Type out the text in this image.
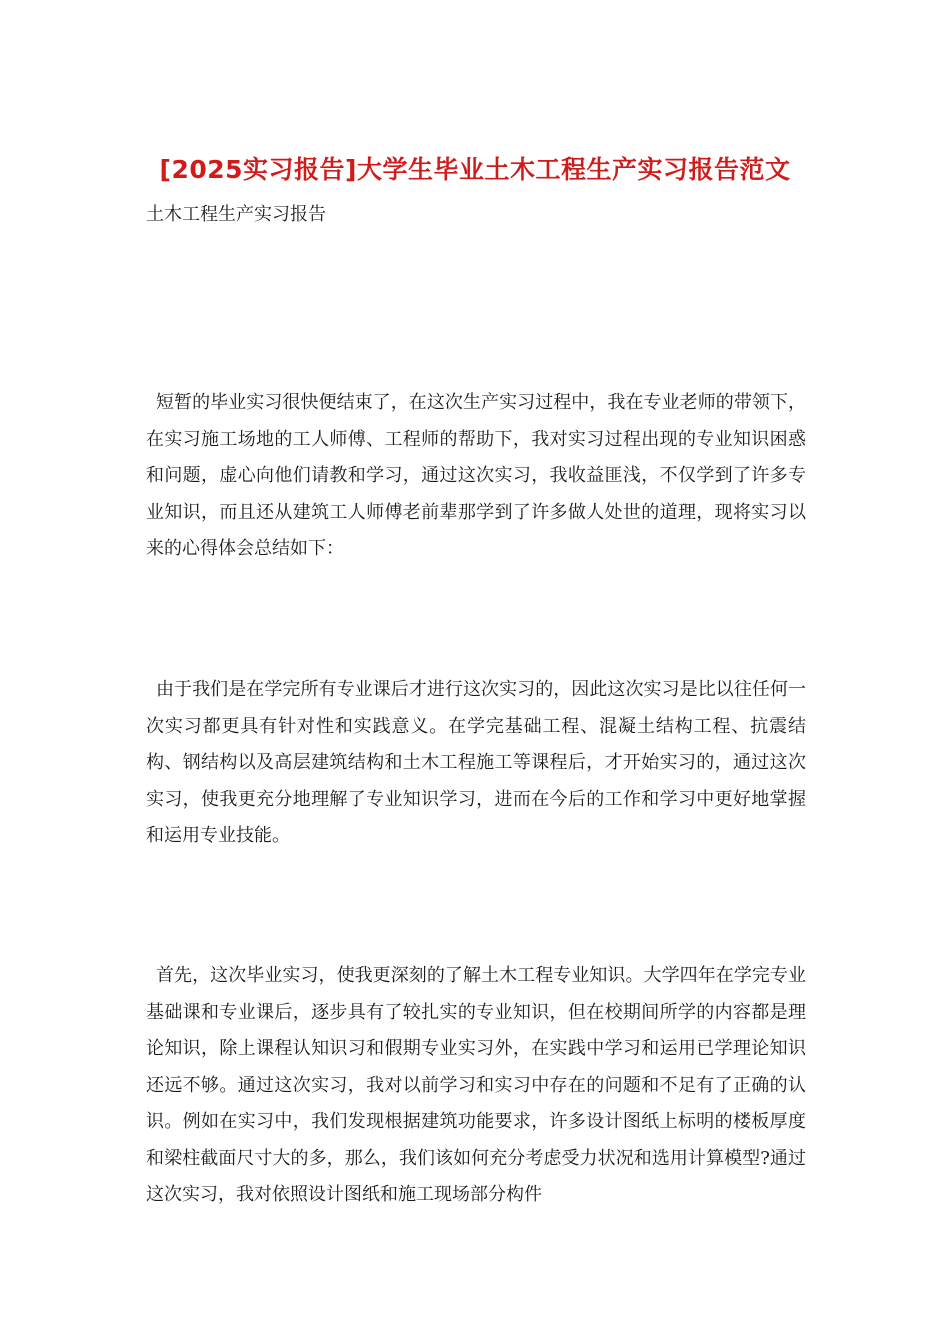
[2025实习报告]大学生毕业土木工程生产实习报告范文
土木工程生产实习报告

短暂的毕业实习很快便结束了，在这次生产实习过程中，我在专业老师的带领下，在实习施工场地的工人师傅、工程师的帮助下，我对实习过程出现的专业知识困惑和问题，虚心向他们请教和学习，通过这次实习，我收益匪浅，不仅学到了许多专业知识，而且还从建筑工人师傅老前辈那学到了许多做人处世的道理，现将实习以来的心得体会总结如下：

由于我们是在学完所有专业课后才进行这次实习的，因此这次实习是比以往任何一次实习都更具有针对性和实践意义。在学完基础工程、混凝土结构工程、抗震结构、钢结构以及高层建筑结构和土木工程施工等课程后，才开始实习的，通过这次实习，使我更充分地理解了专业知识学习，进而在今后的工作和学习中更好地掌握和运用专业技能。

首先，这次毕业实习，使我更深刻的了解土木工程专业知识。大学四年在学完专业基础课和专业课后，逐步具有了较扎实的专业知识，但在校期间所学的内容都是理论知识，除上课程认知识习和假期专业实习外，在实践中学习和运用已学理论知识还远不够。通过这次实习，我对以前学习和实习中存在的问题和不足有了正确的认识。例如在实习中，我们发现根据建筑功能要求，许多设计图纸上标明的楼板厚度和梁柱截面尺寸大的多，那么，我们该如何充分考虑受力状况和选用计算模型?通过这次实习，我对依照设计图纸和施工现场部分构件
